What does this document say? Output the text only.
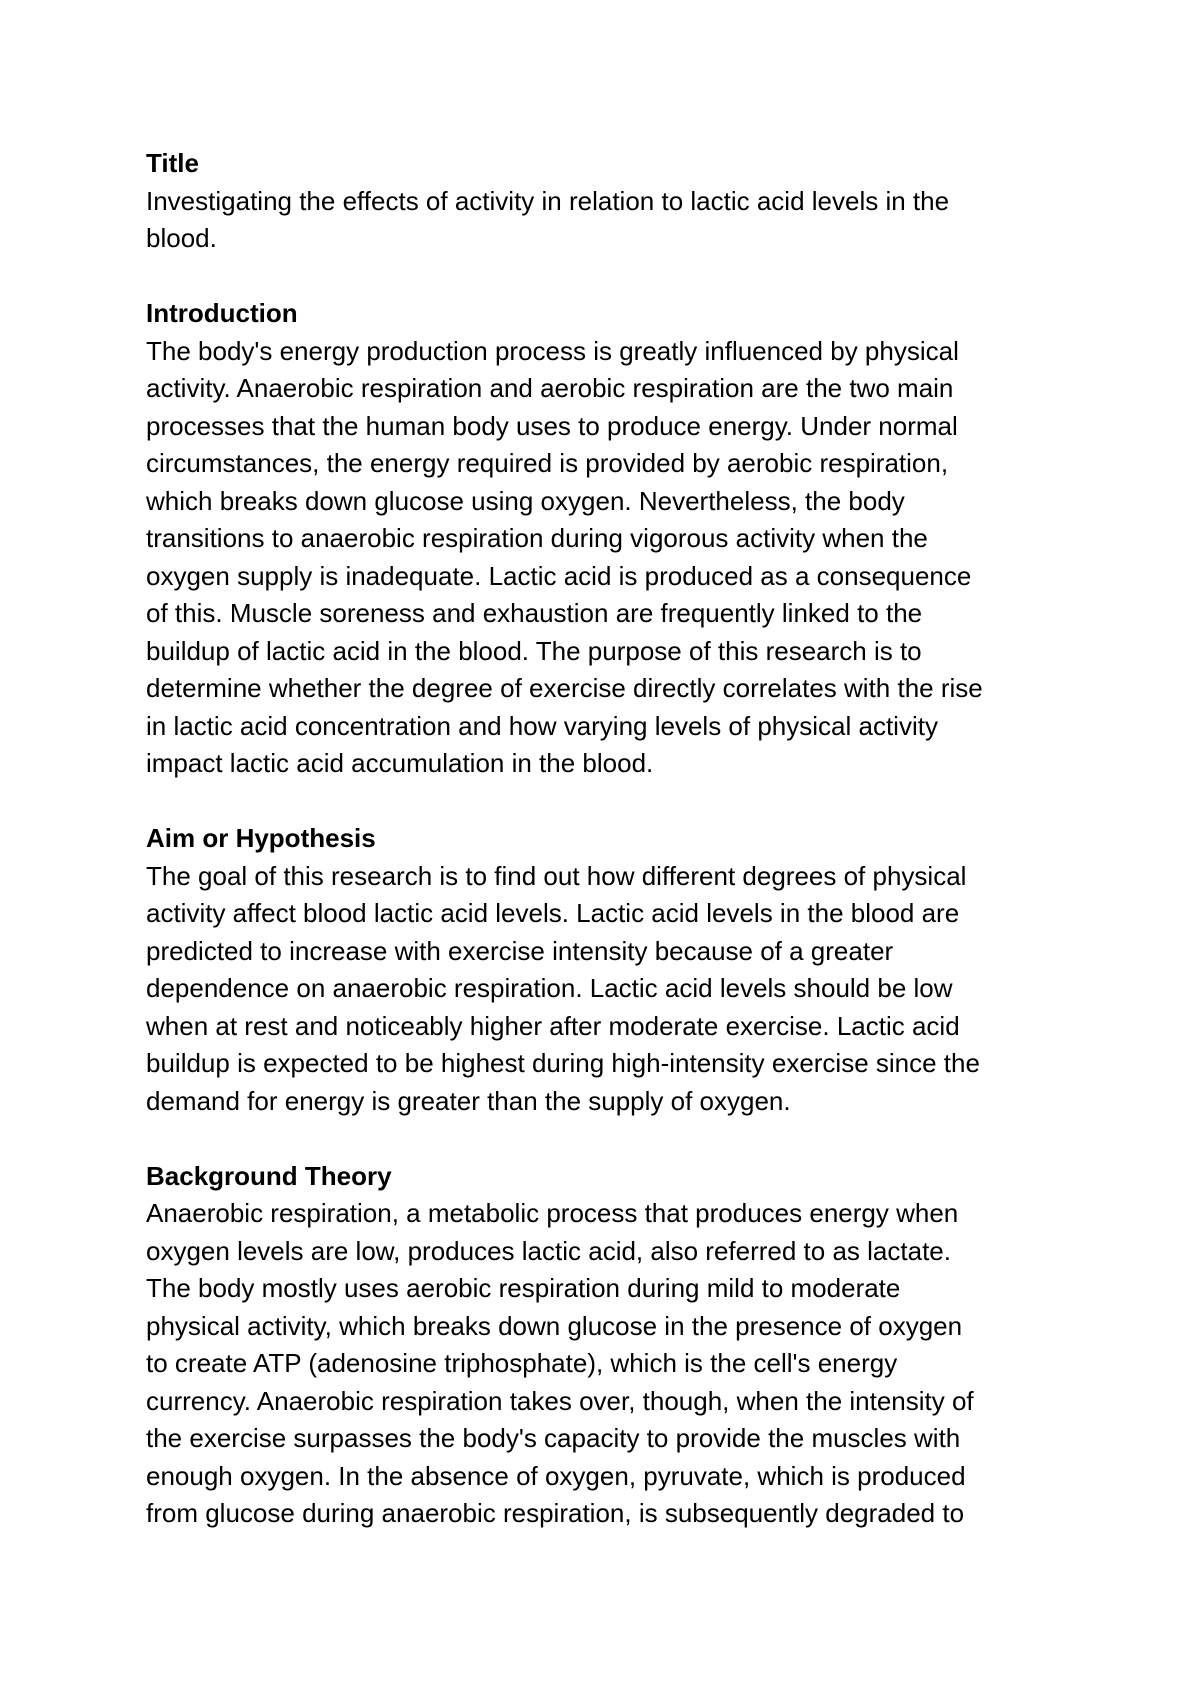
Title
Investigating the effects of activity in relation to lactic acid levels in the
blood.
Introduction
The body's energy production process is greatly influenced by physical
activity. Anaerobic respiration and aerobic respiration are the two main
processes that the human body uses to produce energy. Under normal
circumstances, the energy required is provided by aerobic respiration,
which breaks down glucose using oxygen. Nevertheless, the body
transitions to anaerobic respiration during vigorous activity when the
oxygen supply is inadequate. Lactic acid is produced as a consequence
of this. Muscle soreness and exhaustion are frequently linked to the
buildup of lactic acid in the blood. The purpose of this research is to
determine whether the degree of exercise directly correlates with the rise
in lactic acid concentration and how varying levels of physical activity
impact lactic acid accumulation in the blood.
Aim or Hypothesis
The goal of this research is to find out how different degrees of physical
activity affect blood lactic acid levels. Lactic acid levels in the blood are
predicted to increase with exercise intensity because of a greater
dependence on anaerobic respiration. Lactic acid levels should be low
when at rest and noticeably higher after moderate exercise. Lactic acid
buildup is expected to be highest during high-intensity exercise since the
demand for energy is greater than the supply of oxygen.
Background Theory
Anaerobic respiration, a metabolic process that produces energy when
oxygen levels are low, produces lactic acid, also referred to as lactate.
The body mostly uses aerobic respiration during mild to moderate
physical activity, which breaks down glucose in the presence of oxygen
to create ATP (adenosine triphosphate), which is the cell's energy
currency. Anaerobic respiration takes over, though, when the intensity of
the exercise surpasses the body's capacity to provide the muscles with
enough oxygen. In the absence of oxygen, pyruvate, which is produced
from glucose during anaerobic respiration, is subsequently degraded to
